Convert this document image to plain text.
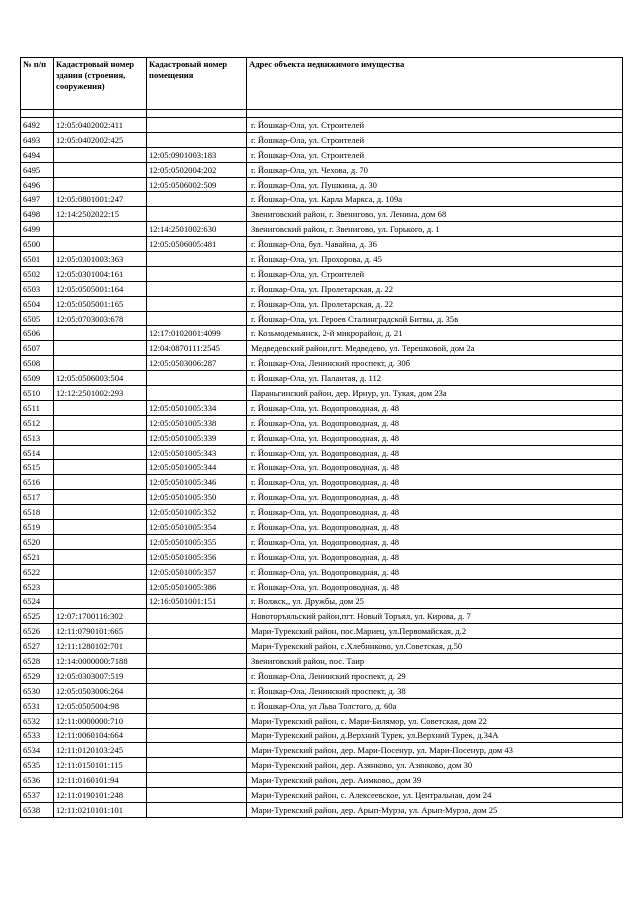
№ п/п	Кадастровый номер здания (строения, сооружения)	Кадастровый номер помещения	Адрес объекта недвижимого имущества

6492	12:05:0402002:411		г. Йошкар-Ола, ул. Строителей
6493	12:05:0402002:425		г. Йошкар-Ола, ул. Строителей
6494		12:05:0901003:183	г. Йошкар-Ола, ул. Строителей
6495		12:05:0502004:202	г. Йошкар-Ола, ул. Чехова, д. 70
6496		12:05:0506002:509	г. Йошкар-Ола, ул. Пушкина, д. 30
6497	12:05:0801001:247		г. Йошкар-Ола, ул. Карла Маркса, д. 109а
6498	12:14:2502022:15		Звениговский район, г. Звенигово, ул. Ленина, дом 68
6499		12:14:2501002:630	Звениговский район, г. Звенигово, ул. Горького, д. 1
6500		12:05:0506005:481	г. Йошкар-Ола, бул. Чавайна, д. 36
6501	12:05:0301003:363		г. Йошкар-Ола, ул. Прохорова, д. 45
6502	12:05:0301004:161		г. Йошкар-Ола, ул. Строителей
6503	12:05:0505001:164		г. Йошкар-Ола, ул. Пролетарская, д. 22
6504	12:05:0505001:165		г. Йошкар-Ола, ул. Пролетарская, д. 22
6505	12:05:0703003:678		г. Йошкар-Ола, ул. Героев Сталинградской Битвы, д. 35в
6506		12:17:0102001:4099	г. Козьмодемьянск, 2-й микрорайон, д. 21
6507		12:04:0870111:2545	Медведевский район,пгт. Медведево, ул. Терешковой, дом 2а
6508		12:05:0503006:287	г. Йошкар-Ола, Ленинский проспект, д. 30б
6509	12:05:0506003:504		г. Йошкар-Ола, ул. Палантая, д. 112
6510	12:12:2501002:293		Параньгинский район, дер. Ирнур, ул. Тукая, дом 23а
6511		12:05:0501005:334	г. Йошкар-Ола, ул. Водопроводная, д. 48
6512		12:05:0501005:338	г. Йошкар-Ола, ул. Водопроводная, д. 48
6513		12:05:0501005:339	г. Йошкар-Ола, ул. Водопроводная, д. 48
6514		12:05:0501005:343	г. Йошкар-Ола, ул. Водопроводная, д. 48
6515		12:05:0501005:344	г. Йошкар-Ола, ул. Водопроводная, д. 48
6516		12:05:0501005:346	г. Йошкар-Ола, ул. Водопроводная, д. 48
6517		12:05:0501005:350	г. Йошкар-Ола, ул. Водопроводная, д. 48
6518		12:05:0501005:352	г. Йошкар-Ола, ул. Водопроводная, д. 48
6519		12:05:0501005:354	г. Йошкар-Ола, ул. Водопроводная, д. 48
6520		12:05:0501005:355	г. Йошкар-Ола, ул. Водопроводная, д. 48
6521		12:05:0501005:356	г. Йошкар-Ола, ул. Водопроводная, д. 48
6522		12:05:0501005:357	г. Йошкар-Ола, ул. Водопроводная, д. 48
6523		12:05:0501005:386	г. Йошкар-Ола, ул. Водопроводная, д. 48
6524		12:16:0501001:151	г. Волжск,, ул. Дружбы, дом 25
6525	12:07:1700116:302		Новоторъяльский район,пгт. Новый Торъял, ул. Кирова, д. 7
6526	12:11:0790101:665		Мари-Турекский район, пос.Мариец, ул.Первомайская, д.2
6527	12:11:1280102:701		Мари-Турекский район, с.Хлебниково, ул.Советская, д.50
6528	12:14:0000000:7188		Звениговский район, пос. Таир
6529	12:05:0303007:519		г. Йошкар-Ола, Ленинский проспект, д. 29
6530	12:05:0503006:264		г. Йошкар-Ола, Ленинский проспект, д. 38
6531	12:05:0505004:98		г. Йошкар-Ола, ул Льва Толстого, д. 60а
6532	12:11:0000000:710		Мари-Турекский район, с. Мари-Билямор, ул. Советская, дом 22
6533	12:11:0060104:664		Мари-Турекский район, д.Верхний Турек, ул.Верхний Турек, д.34А
6534	12:11:0120103:245		Мари-Турекский район, дер. Мари-Посенур, ул. Мари-Посенур, дом 43
6535	12:11:0150101:115		Мари-Турекский район, дер. Азянково, ул. Азянково, дом 30
6536	12:11:0160101:94		Мари-Турекский район, дер. Аимково,, дом 39
6537	12:11:0190101:248		Мари-Турекский район, с. Алексеевское, ул. Центральная, дом 24
6538	12:11:0210101:101		Мари-Турекский район, дер. Арып-Мурза, ул. Арып-Мурза, дом 25
